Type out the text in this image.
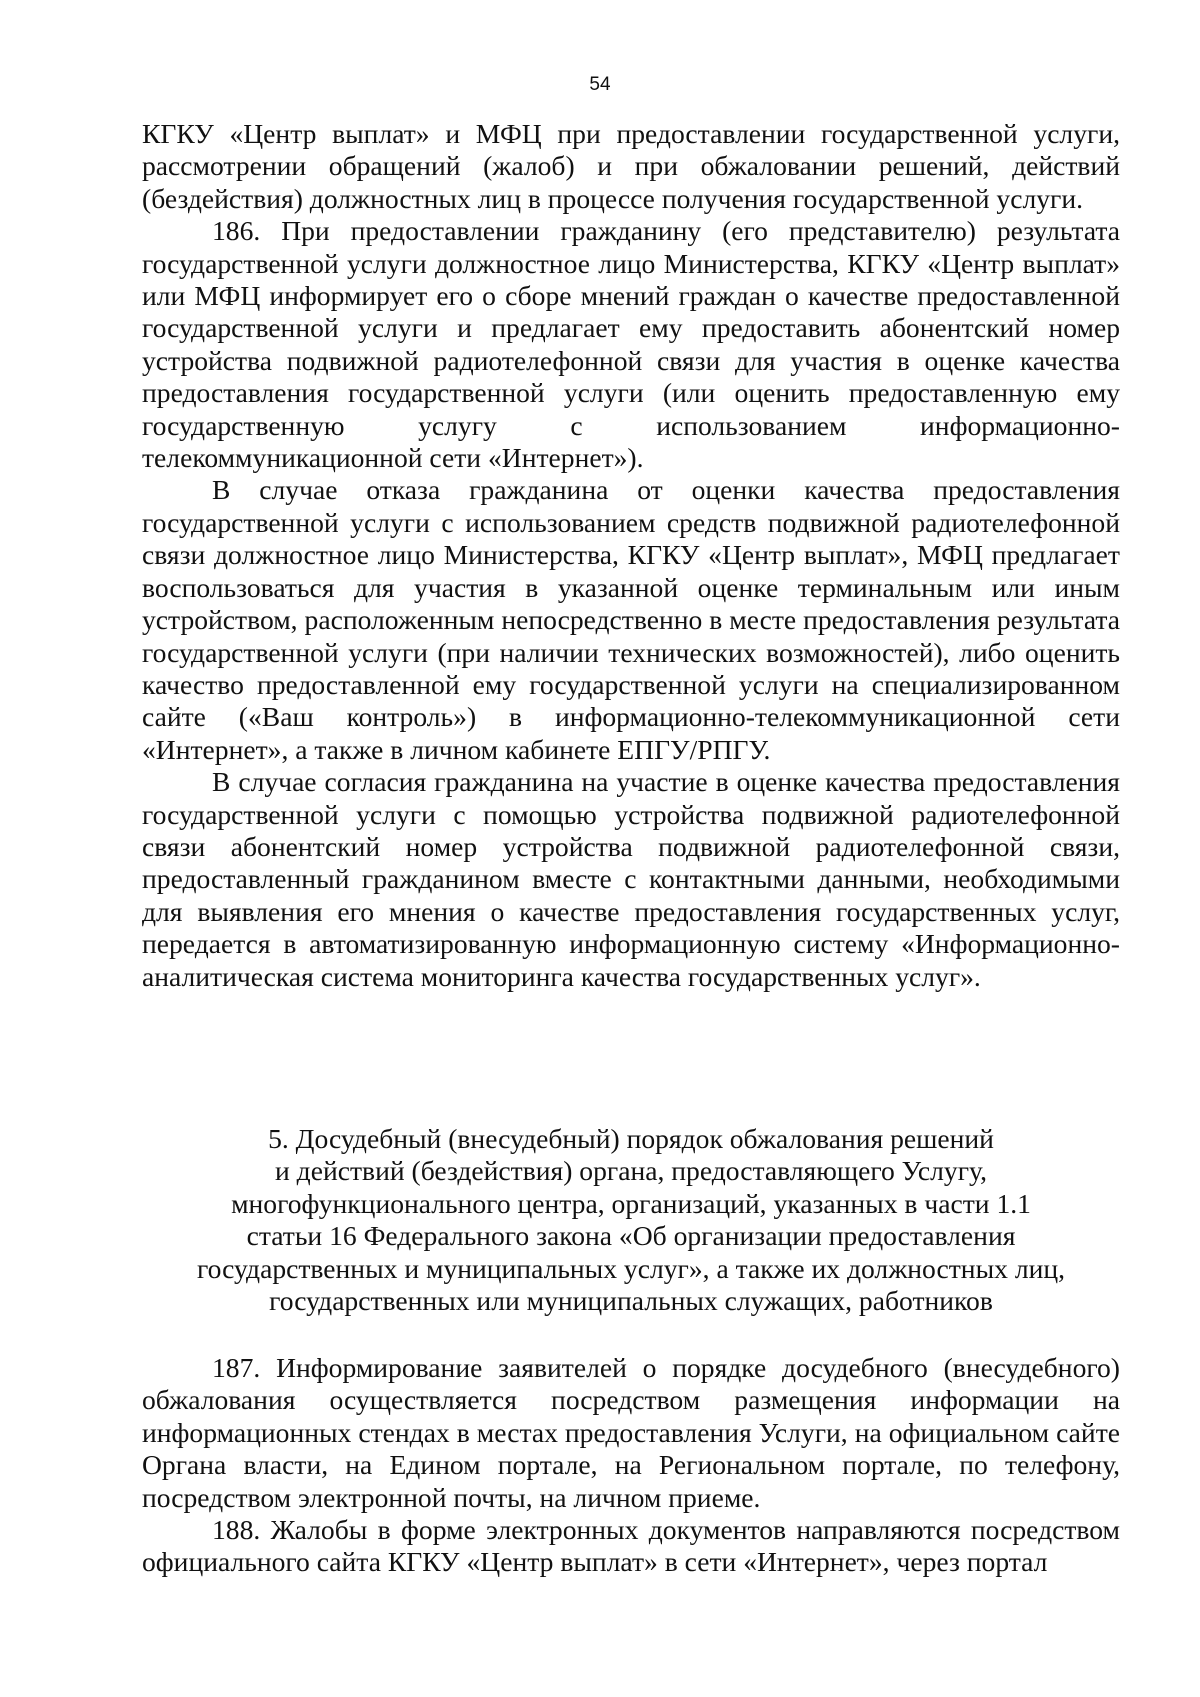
54

КГКУ «Центр выплат» и МФЦ при предоставлении государственной услуги, рассмотрении обращений (жалоб) и при обжаловании решений, действий (бездействия) должностных лиц в процессе получения государственной услуги.

186. При предоставлении гражданину (его представителю) результата государственной услуги должностное лицо Министерства, КГКУ «Центр выплат» или МФЦ информирует его о сборе мнений граждан о качестве предоставленной государственной услуги и предлагает ему предоставить абонентский номер устройства подвижной радиотелефонной связи для участия в оценке качества предоставления государственной услуги (или оценить предоставленную ему государственную услугу с использованием информационно-телекоммуникационной сети «Интернет»).

В случае отказа гражданина от оценки качества предоставления государственной услуги с использованием средств подвижной радиотелефонной связи должностное лицо Министерства, КГКУ «Центр выплат», МФЦ предлагает воспользоваться для участия в указанной оценке терминальным или иным устройством, расположенным непосредственно в месте предоставления результата государственной услуги (при наличии технических возможностей), либо оценить качество предоставленной ему государственной услуги на специализированном сайте («Ваш контроль») в информационно-телекоммуникационной сети «Интернет», а также в личном кабинете ЕПГУ/РПГУ.

В случае согласия гражданина на участие в оценке качества предоставления государственной услуги с помощью устройства подвижной радиотелефонной связи абонентский номер устройства подвижной радиотелефонной связи, предоставленный гражданином вместе с контактными данными, необходимыми для выявления его мнения о качестве предоставления государственных услуг, передается в автоматизированную информационную систему «Информационно-аналитическая система мониторинга качества государственных услуг».

5. Досудебный (внесудебный) порядок обжалования решений
и действий (бездействия) органа, предоставляющего Услугу,
многофункционального центра, организаций, указанных в части 1.1
статьи 16 Федерального закона «Об организации предоставления
государственных и муниципальных услуг», а также их должностных лиц,
государственных или муниципальных служащих, работников

187. Информирование заявителей о порядке досудебного (внесудебного) обжалования осуществляется посредством размещения информации на информационных стендах в местах предоставления Услуги, на официальном сайте Органа власти, на Едином портале, на Региональном портале, по телефону, посредством электронной почты, на личном приеме.

188. Жалобы в форме электронных документов направляются посредством официального сайта КГКУ «Центр выплат» в сети «Интернет», через портал
